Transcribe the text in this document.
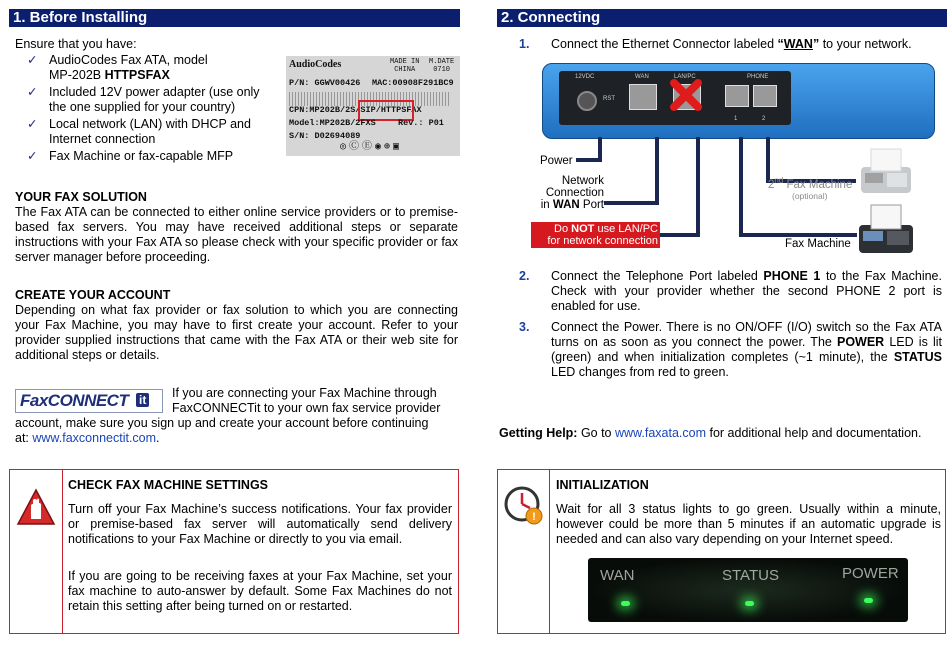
1. Before Installing
Ensure that you have:
✓ AudioCodes Fax ATA, model
MP-202B HTTPSFAX
✓ Included 12V power adapter (use only
the one supplied for your country)
✓ Local network (LAN) with DHCP and
Internet connection
✓ Fax Machine or fax-capable MFP
AudioCodes	MADE IN
CHINA
M.DATE
0710
P/N: GGWV00426 MAC:00908F291BC9
CPN:MP202B/2S/SIP/HTTPSFAX
Model:MP202B/2FXS	Rev.: P01
S/N: D02694089
◎ⒸⒺ◉⊕▣
YOUR FAX SOLUTION
The Fax ATA can be connected to either online service providers or to premise-based fax servers. You may have received additional steps or separate instructions with your Fax ATA so please check with your specific provider or fax server manager before proceeding.
CREATE YOUR ACCOUNT
Depending on what fax provider or fax solution to which you are connecting your Fax Machine, you may have to first create your account. Refer to your provider supplied instructions that came with the Fax ATA or their web site for additional steps or details.
FaxCONNECT it If you are connecting your Fax Machine through
FaxCONNECTit to your own fax service provider
account, make sure you sign up and create your account before continuing
at: www.faxconnectit.com.
CHECK FAX MACHINE SETTINGS
Turn off your Fax Machine’s success notifications. Your fax provider or premise-based fax server will automatically send delivery notifications to your Fax Machine or directly to you via email.
If you are going to be receiving faxes at your Fax Machine, set your fax machine to auto-answer by default. Some Fax Machines do not retain this setting after being turned on or restarted.
2. Connecting
1. Connect the Ethernet Connector labeled “WAN” to your network.
12VDC
RST
WAN	LAN/PC	PHONE
1	2
Power
Network
Connection
in WAN Port
Do NOT use LAN/PC
for network connection
2nd Fax Machine
(optional)
Fax Machine
2. Connect the Telephone Port labeled PHONE 1 to the Fax Machine. Check with your provider whether the second PHONE 2 port is enabled for use.
3. Connect the Power. There is no ON/OFF (I/O) switch so the Fax ATA turns on as soon as you connect the power. The POWER LED is lit (green) and when initialization completes (~1 minute), the STATUS LED changes from red to green.
Getting Help: Go to www.faxata.com for additional help and documentation.
!
INITIALIZATION
Wait for all 3 status lights to go green. Usually within a minute, however could be more than 5 minutes if an automatic upgrade is needed and can also vary depending on your Internet speed.
WAN	STATUS	POWER
